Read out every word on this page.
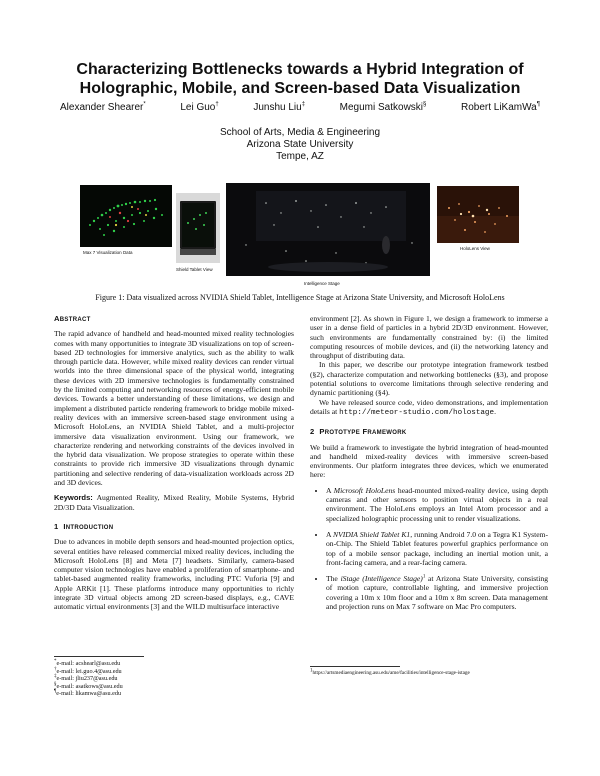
Characterizing Bottlenecks towards a Hybrid Integration of Holographic, Mobile, and Screen-based Data Visualization
Alexander Shearer*	Lei Guo†	Junshu Liu‡	Megumi Satkowski§	Robert LiKamWa¶
School of Arts, Media & Engineering
Arizona State University
Tempe, AZ
Max 7 Visualization Data
Shield Tablet View
Intelligence Stage
HoloLens View
Figure 1: Data visualized across NVIDIA Shield Tablet, Intelligence Stage at Arizona State University, and Microsoft HoloLens
ABSTRACT

The rapid advance of handheld and head-mounted mixed reality technologies comes with many opportunities to integrate 3D visualizations on top of screen-based 2D technologies for immersive analytics, such as the ability to walk through particle data. However, while mixed reality devices can render virtual worlds into the three dimensional space of the physical world, integrating these devices with 2D immersive technologies is fundamentally constrained by the limited computing and networking resources of energy-efficient mobile devices. Towards a better understanding of these limitations, we design and implement a distributed particle rendering framework to bridge mobile mixed-reality devices with an immersive screen-based stage environment using a Microsoft HoloLens, an NVIDIA Shield Tablet, and a multi-projector immersive data visualization environment. Using our framework, we characterize rendering and networking constraints of the devices involved in the hybrid data visualization. We propose strategies to operate within these constraints to provide rich immersive 3D visualizations through dynamic partitioning and selective rendering of data-visualization workloads across 2D and 3D devices.

Keywords: Augmented Reality, Mixed Reality, Mobile Systems, Hybrid 2D/3D Data Visualization.
1 INTRODUCTION

Due to advances in mobile depth sensors and head-mounted projection optics, several entities have released commercial mixed reality devices, including the Microsoft HoloLens [8] and Meta [7] headsets. Similarly, camera-based computer vision technologies have enabled a proliferation of smartphone- and tablet-based augmented reality frameworks, including PTC Vuforia [9] and Apple ARKit [1]. These platforms introduce many opportunities to richly integrate 3D virtual objects among 2D screen-based displays, e.g., CAVE automatic virtual environments [3] and the WILD multisurface interactive

*e-mail: acshearl@asu.edu
†e-mail: lei.guo.4@asu.edu
‡e-mail: jliu237@asu.edu
§e-mail: asatkows@asu.edu
¶e-mail: likamwa@asu.edu

environment [2]. As shown in Figure 1, we design a framework to immerse a user in a dense field of particles in a hybrid 2D/3D environment. However, such environments are fundamentally constrained by: (i) the limited computing resources of mobile devices, and (ii) the networking latency and throughput of distributing data.

In this paper, we describe our prototype integration framework testbed (§2), characterize computation and networking bottlenecks (§3), and propose potential solutions to overcome limitations through selective rendering and dynamic partitioning (§4).

We have released source code, video demonstrations, and implementation details at http://meteor-studio.com/holostage.

2 PROTOTYPE FRAMEWORK

We build a framework to investigate the hybrid integration of head-mounted and handheld mixed-reality devices with immersive screen-based environments. Our platform integrates three devices, which we enumerated here:

• A Microsoft HoloLens head-mounted mixed-reality device, using depth cameras and other sensors to position virtual objects in a real environment. The HoloLens employs an Intel Atom processor and a specialized holographic processing unit to render visualizations.
• A NVIDIA Shield Tablet K1, running Android 7.0 on a Tegra K1 System-on-Chip. The Shield Tablet features powerful graphics performance on top of a mobile sensor package, including an inertial motion unit, a front-facing camera, and a rear-facing camera.
• The iStage (Intelligence Stage)$^1$ at Arizona State University, consisting of motion capture, controllable lighting, and immersive projection covering a 10m x 10m floor and a 10m x 8m screen. Data management and projection runs on Max 7 software on Mac Pro computers.
$^1$https://artsmediaengineering.asu.edu/ame/facilities/intelligence-stage-istage
